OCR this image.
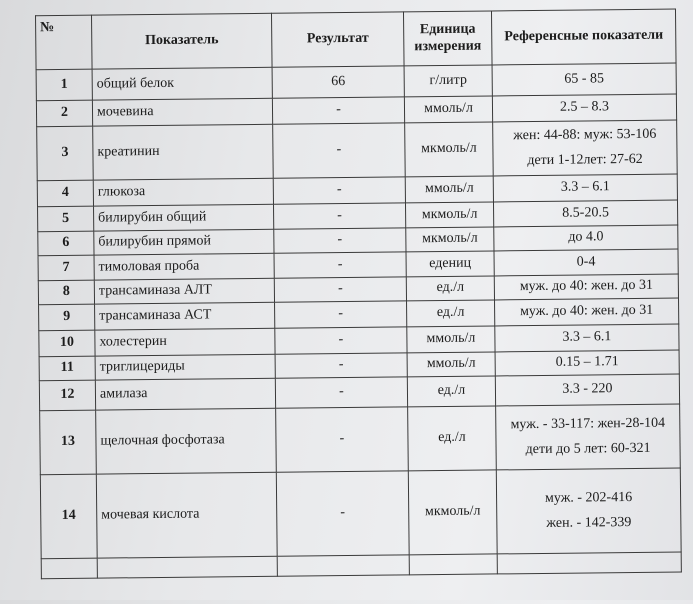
№	Показатель	Результат	Единица измерения	Референсные показатели
1	общий белок	66	г/литр	65 - 85

2	мочевина	-	ммоль/л	2.5 – 8.3

3	креатинин	-	мкмоль/л	жен: 44-88: муж: 53-106
дети 1-12лет: 27-62

4	глюкоза	-	ммоль/л	3.3 – 6.1

5	билирубин общий	-	мкмоль/л	8.5-20.5

6	билирубин прямой	-	мкмоль/л	до 4.0

7	тимоловая проба	-	едениц	0-4

8	трансаминаза АЛТ	-	ед./л	муж. до 40: жен. до 31

9	трансаминаза АСТ	-	ед./л	муж. до 40: жен. до 31

10	холестерин	-	ммоль/л	3.3 – 6.1

11	триглицериды	-	ммоль/л	0.15 – 1.71

12	амилаза	-	ед./л	3.3 - 220

13	щелочная фосфотаза	-	ед./л	муж. - 33-117: жен-28-104
дети до 5 лет: 60-321

14	мочевая кислота	-	мкмоль/л	муж. - 202-416
жен. - 142-339
